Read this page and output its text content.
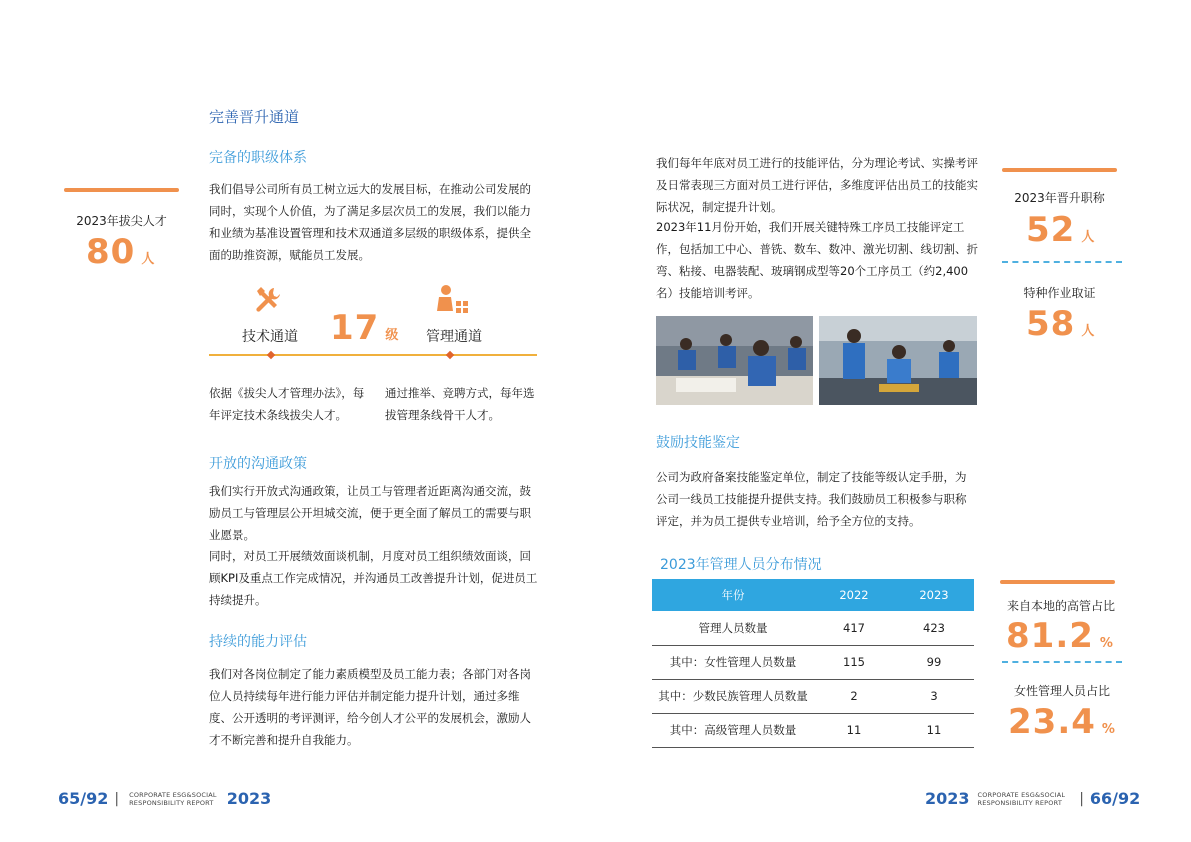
完善晋升通道
完备的职级体系
我们倡导公司所有员工树立远大的发展目标，在推动公司发展的同时，实现个人价值，为了满足多层次员工的发展，我们以能力和业绩为基准设置管理和技术双通道多层级的职级体系，提供全面的助推资源，赋能员工发展。
2023年拔尖人才
80 人
技术通道 17 级 管理通道
依据《拔尖人才管理办法》，每年评定技术条线拔尖人才。
通过推举、竞聘方式，每年选拔管理条线骨干人才。
开放的沟通政策
我们实行开放式沟通政策，让员工与管理者近距离沟通交流，鼓励员工与管理层公开坦城交流，便于更全面了解员工的需要与职业愿景。
同时，对员工开展绩效面谈机制，月度对员工组织绩效面谈，回顾KPI及重点工作完成情况，并沟通员工改善提升计划，促进员工持续提升。
持续的能力评估
我们对各岗位制定了能力素质模型及员工能力表；各部门对各岗位人员持续每年进行能力评估并制定能力提升计划，通过多维度、公开透明的考评测评，给今创人才公平的发展机会，激励人才不断完善和提升自我能力。
65/92 | CORPORATE ESG&SOCIAL
RESPONSIBILITY REPORT 2023
我们每年年底对员工进行的技能评估，分为理论考试、实操考评及日常表现三方面对员工进行评估，多维度评估出员工的技能实际状况，制定提升计划。
2023年11月份开始，我们开展关键特殊工序员工技能评定工作，包括加工中心、普铣、数车、数冲、激光切割、线切割、折弯、粘接、电器装配、玻璃钢成型等20个工序员工（约2,400名）技能培训考评。
鼓励技能鉴定
公司为政府备案技能鉴定单位，制定了技能等级认定手册，为公司一线员工技能提升提供支持。我们鼓励员工积极参与职称评定，并为员工提供专业培训，给予全方位的支持。
2023年管理人员分布情况
年份	2022	2023
管理人员数量	417	423
其中：女性管理人员数量	115	99
其中：少数民族管理人员数量	2	3
其中：高级管理人员数量	11	11
2023年晋升职称
52 人
特种作业取证
58 人
来自本地的高管占比
81.2 %
女性管理人员占比
23.4 %
2023 CORPORATE ESG&SOCIAL
RESPONSIBILITY REPORT | 66/92
